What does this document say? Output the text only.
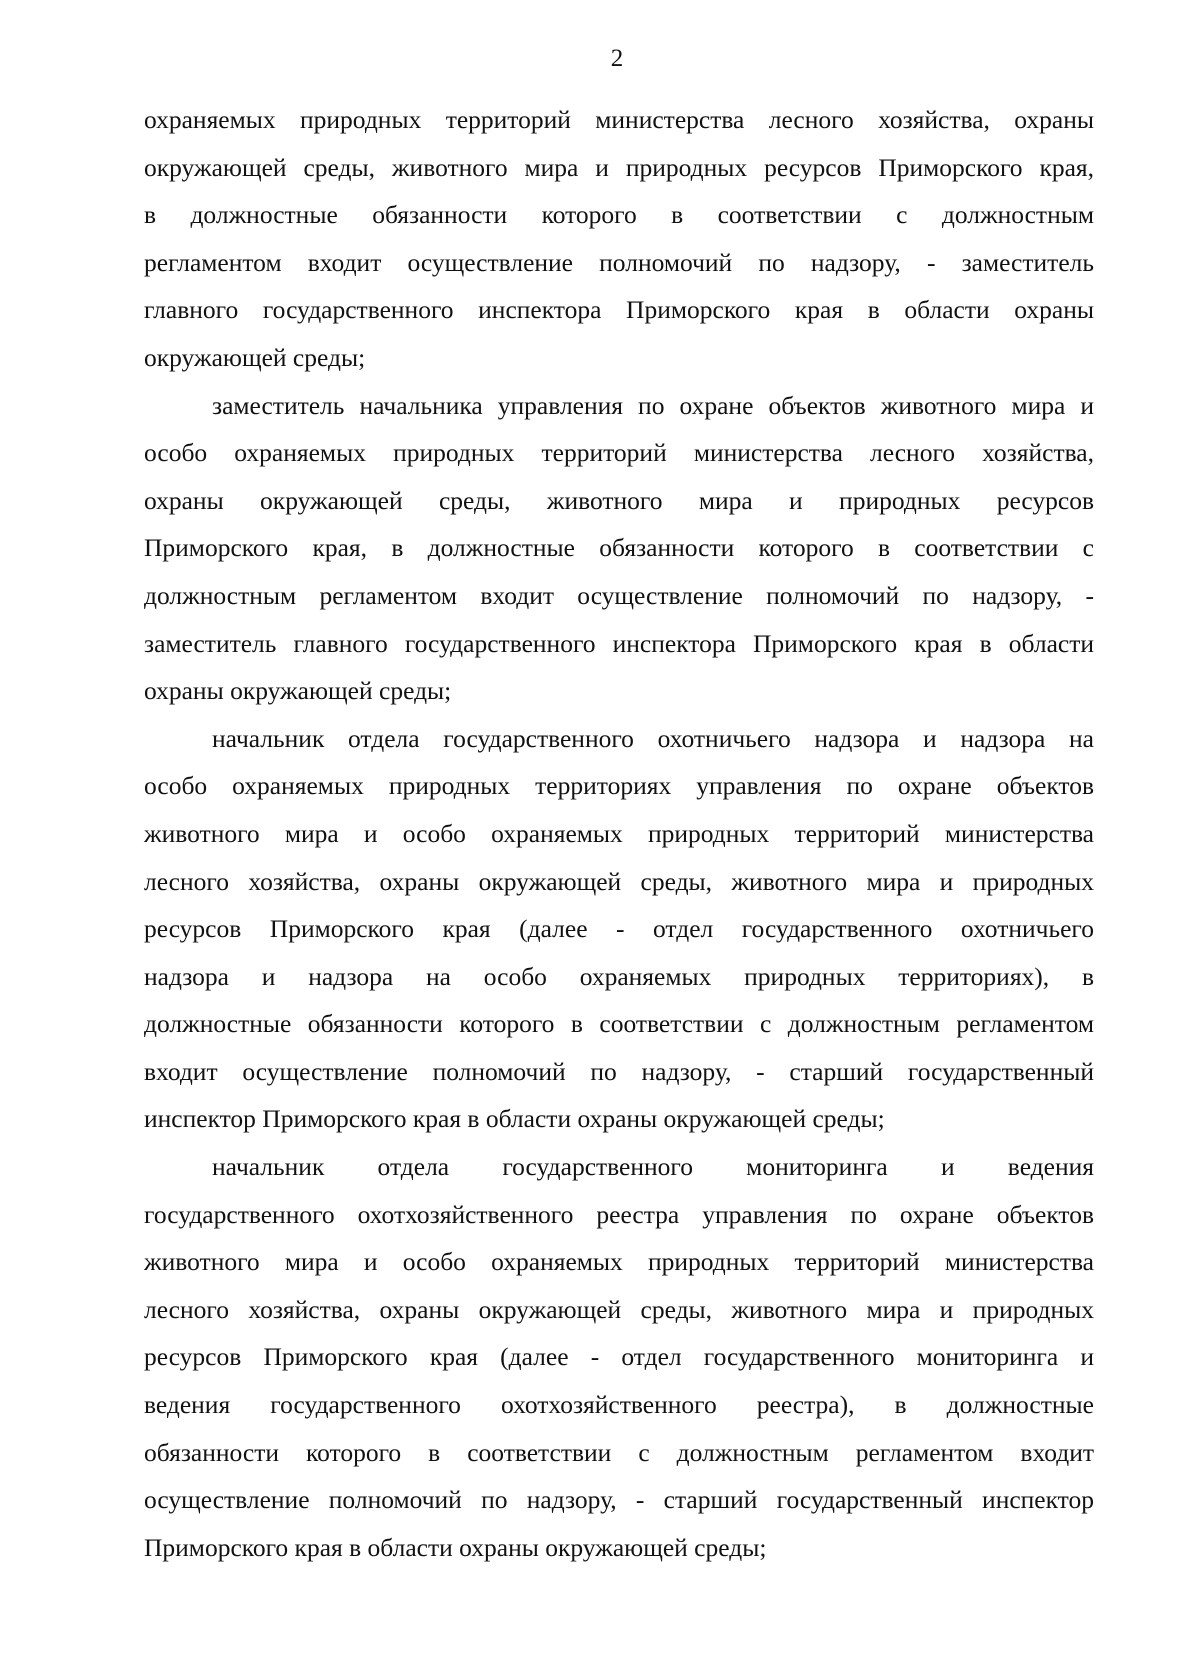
2
охраняемых природных территорий министерства лесного хозяйства, охраны
окружающей среды, животного мира и природных ресурсов Приморского края,
в должностные обязанности которого в соответствии с должностным
регламентом входит осуществление полномочий по надзору, - заместитель
главного государственного инспектора Приморского края в области охраны
окружающей среды;
заместитель начальника управления по охране объектов животного мира и
особо охраняемых природных территорий министерства лесного хозяйства,
охраны окружающей среды, животного мира и природных ресурсов
Приморского края, в должностные обязанности которого в соответствии с
должностным регламентом входит осуществление полномочий по надзору, -
заместитель главного государственного инспектора Приморского края в области
охраны окружающей среды;
начальник отдела государственного охотничьего надзора и надзора на
особо охраняемых природных территориях управления по охране объектов
животного мира и особо охраняемых природных территорий министерства
лесного хозяйства, охраны окружающей среды, животного мира и природных
ресурсов Приморского края (далее - отдел государственного охотничьего
надзора и надзора на особо охраняемых природных территориях), в
должностные обязанности которого в соответствии с должностным регламентом
входит осуществление полномочий по надзору, - старший государственный
инспектор Приморского края в области охраны окружающей среды;
начальник отдела государственного мониторинга и ведения
государственного охотхозяйственного реестра управления по охране объектов
животного мира и особо охраняемых природных территорий министерства
лесного хозяйства, охраны окружающей среды, животного мира и природных
ресурсов Приморского края (далее - отдел государственного мониторинга и
ведения государственного охотхозяйственного реестра), в должностные
обязанности которого в соответствии с должностным регламентом входит
осуществление полномочий по надзору, - старший государственный инспектор
Приморского края в области охраны окружающей среды;
